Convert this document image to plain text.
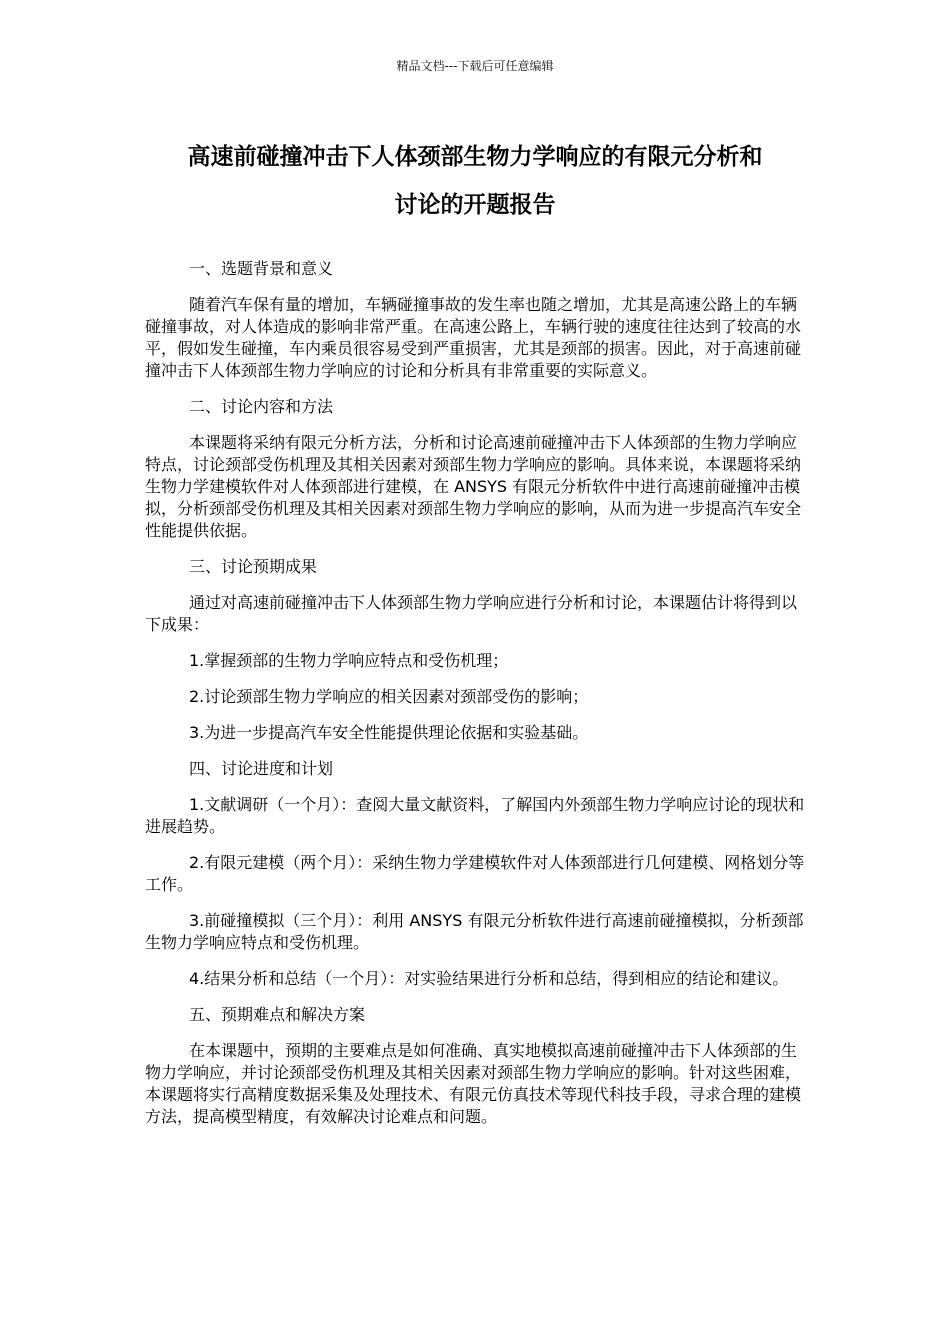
精品文档---下载后可任意编辑
高速前碰撞冲击下人体颈部生物力学响应的有限元分析和
讨论的开题报告

一、选题背景和意义

随着汽车保有量的增加，车辆碰撞事故的发生率也随之增加，尤其是高速公路上的车辆碰撞事故，对人体造成的影响非常严重。在高速公路上，车辆行驶的速度往往达到了较高的水平，假如发生碰撞，车内乘员很容易受到严重损害，尤其是颈部的损害。因此，对于高速前碰撞冲击下人体颈部生物力学响应的讨论和分析具有非常重要的实际意义。

二、讨论内容和方法

本课题将采纳有限元分析方法，分析和讨论高速前碰撞冲击下人体颈部的生物力学响应特点，讨论颈部受伤机理及其相关因素对颈部生物力学响应的影响。具体来说，本课题将采纳生物力学建模软件对人体颈部进行建模，在 ANSYS 有限元分析软件中进行高速前碰撞冲击模拟，分析颈部受伤机理及其相关因素对颈部生物力学响应的影响，从而为进一步提高汽车安全性能提供依据。

三、讨论预期成果

通过对高速前碰撞冲击下人体颈部生物力学响应进行分析和讨论，本课题估计将得到以下成果：

1.掌握颈部的生物力学响应特点和受伤机理；

2.讨论颈部生物力学响应的相关因素对颈部受伤的影响；

3.为进一步提高汽车安全性能提供理论依据和实验基础。

四、讨论进度和计划

1.文献调研（一个月）：查阅大量文献资料，了解国内外颈部生物力学响应讨论的现状和进展趋势。

2.有限元建模（两个月）：采纳生物力学建模软件对人体颈部进行几何建模、网格划分等工作。

3.前碰撞模拟（三个月）：利用 ANSYS 有限元分析软件进行高速前碰撞模拟，分析颈部生物力学响应特点和受伤机理。

4.结果分析和总结（一个月）：对实验结果进行分析和总结，得到相应的结论和建议。

五、预期难点和解决方案

在本课题中，预期的主要难点是如何准确、真实地模拟高速前碰撞冲击下人体颈部的生物力学响应，并讨论颈部受伤机理及其相关因素对颈部生物力学响应的影响。针对这些困难，本课题将实行高精度数据采集及处理技术、有限元仿真技术等现代科技手段，寻求合理的建模方法，提高模型精度，有效解决讨论难点和问题。
